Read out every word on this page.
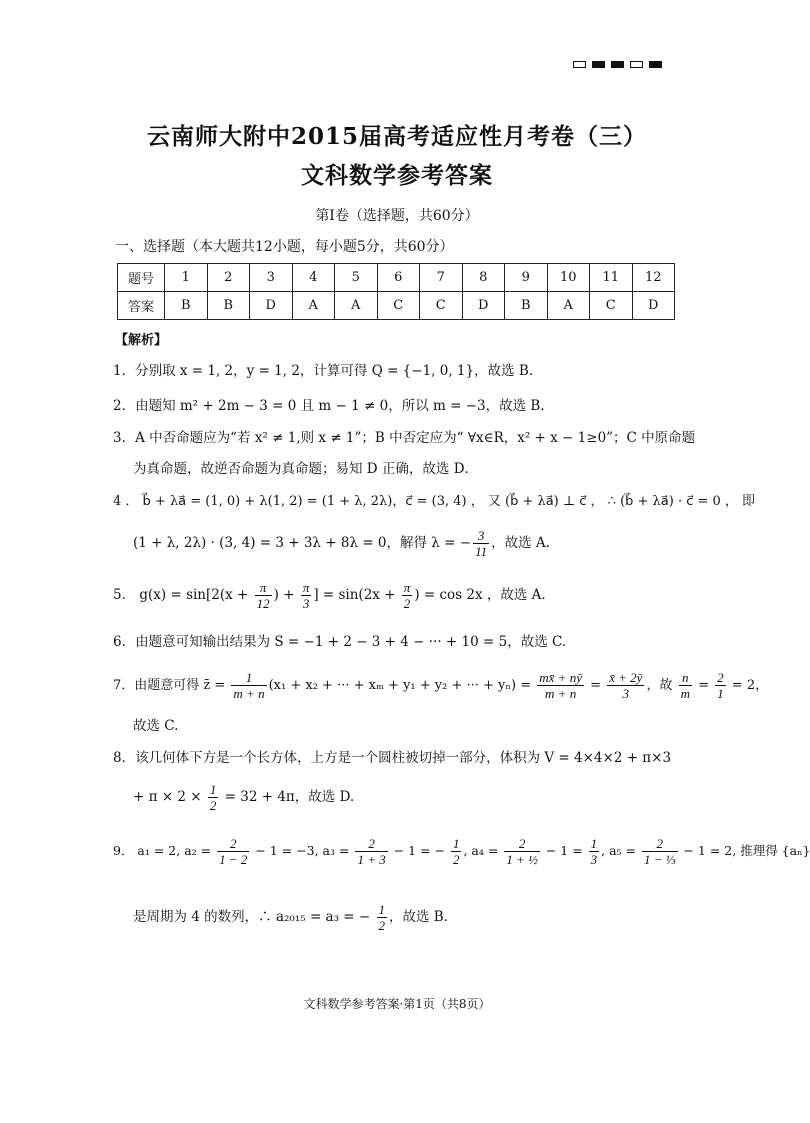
云南师大附中2015届高考适应性月考卷（三）
文科数学参考答案
第Ⅰ卷（选择题，共60分）
一、选择题（本大题共12小题，每小题5分，共60分）
题号	1	2	3	4	5	6	7	8	9	10	11	12
答案	B	B	D	A	A	C	C	D	B	A	C	D
【解析】
1．分别取 x = 1, 2，y = 1, 2，计算可得 Q = {−1, 0, 1}，故选 B.
2．由题知 m² + 2m − 3 = 0 且 m − 1 ≠ 0，所以 m = −3，故选 B.
3．A 中否命题应为“若 x² ≠ 1,则 x ≠ 1”；B 中否定应为“ ∀x∈R，x² + x − 1≥0”；C 中原命题
为真命题，故逆否命题为真命题；易知 D 正确，故选 D．
4 ． b⃗ + λa⃗ = (1, 0) + λ(1, 2) = (1 + λ, 2λ)，c⃗ = (3, 4) ， 又 (b⃗ + λa⃗) ⊥ c⃗ ， ∴ (b⃗ + λa⃗) · c⃗ = 0 ， 即
(1 + λ, 2λ) · (3, 4) = 3 + 3λ + 8λ = 0，解得 λ = − $\frac{3}{11}$ ，故选 A.
5． $g(x) = \sin[2(x + \frac{\pi}{12}$ ) + $\frac{\pi}{3}$ ] = $\sin(2x + \frac{\pi}{2}$ ) = cos 2x ，故选 A.
6．由题意可知输出结果为 S = −1 + 2 − 3 + 4 − ··· + 10 = 5，故选 C.
7．由题意可得 z̄ = $\frac{1}{m + n} (x_1 + x_2$ + ··· + xₘ + y₁ + y₂ + ··· + $y_n) = \frac{mx̄ + nȳ}{m + n} = \frac{x̄ + 2ȳ}{3}$ ，故 $\frac{n}{m} = \frac{2}{1} = 2$，
故选 C.
8．该几何体下方是一个长方体，上方是一个圆柱被切掉一部分，体积为 V = 4×4×2 + π×3
+ $\pi \times 2 \times \frac{1}{2} = 32 + 4\pi$，故选 D.
9． a₁ = 2, $a_2 = \frac{2}{1 - 2} - 1 = -3$, $a_3 = \frac{2}{1 + 3} - 1$ = − $\frac{1}{2}$ , $a_4 = \frac{2}{\text{1 + ½}} - 1 = \frac{1}{3}$ , $a_5 = \frac{2}{\text{1 − ⅓}} - 1 = 2$, 推理得 {aₙ}
是周期为 4 的数列，∴ a₂₀₁₅ = a₃ = − $\frac{1}{2}$ ，故选 B．
文科数学参考答案·第1页（共8页）
